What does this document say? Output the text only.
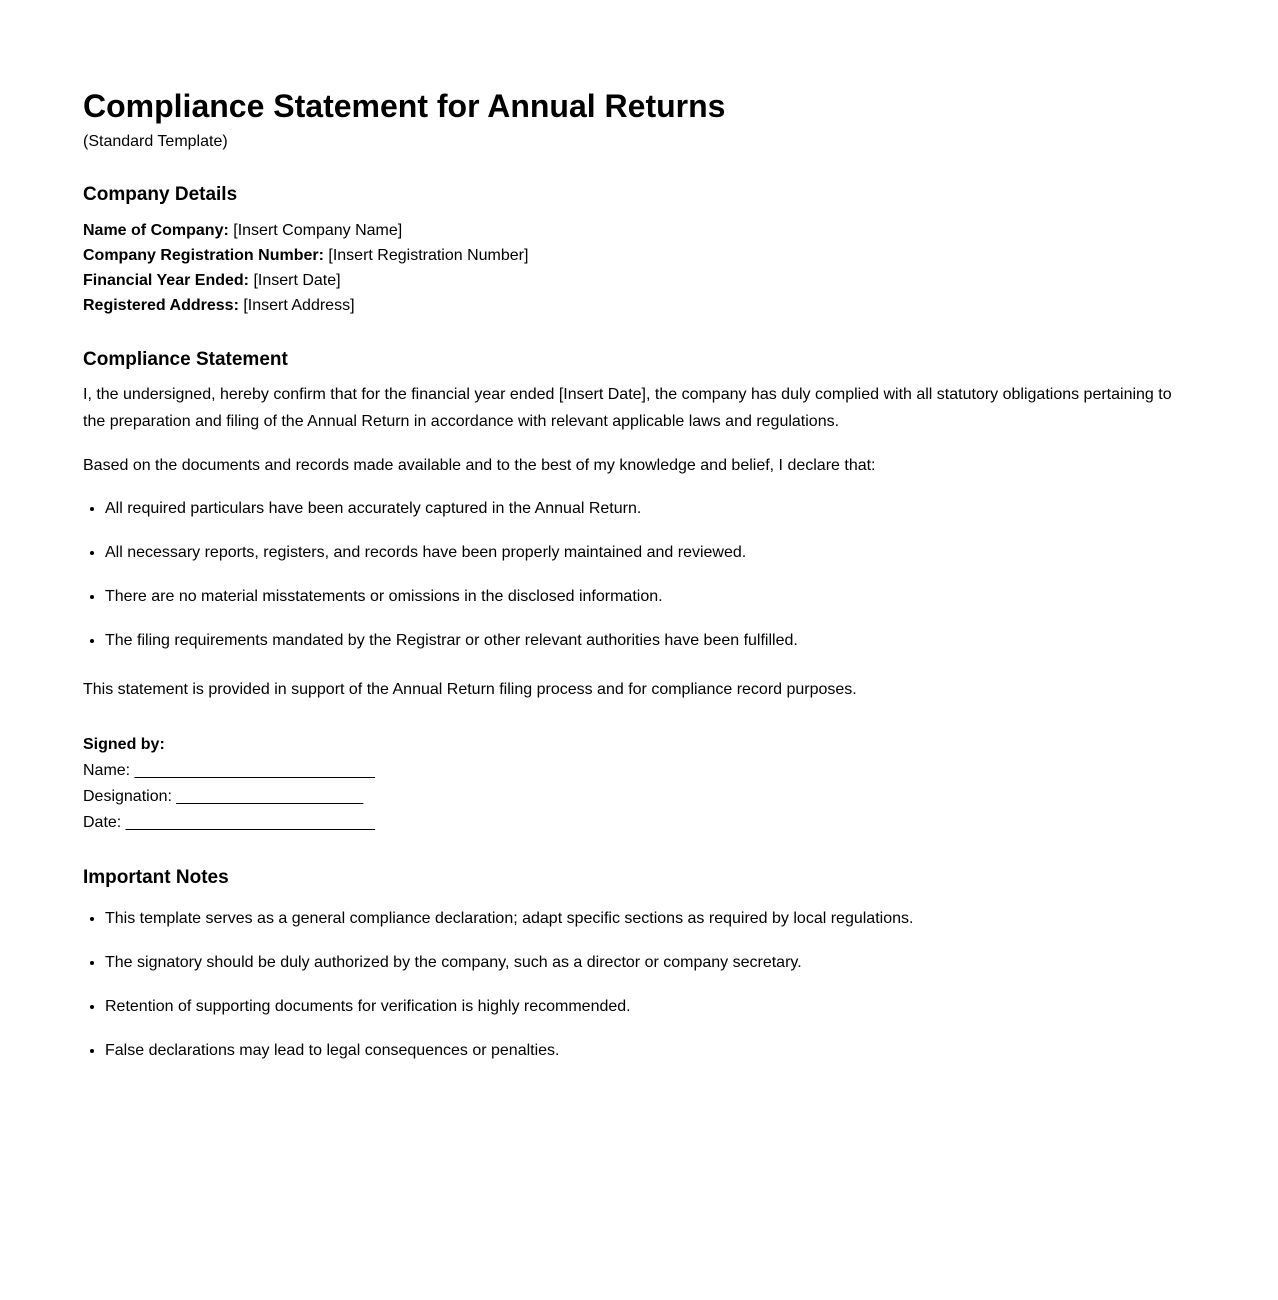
Compliance Statement for Annual Returns

(Standard Template)

Company Details

Name of Company: [Insert Company Name]
Company Registration Number: [Insert Registration Number]
Financial Year Ended: [Insert Date]
Registered Address: [Insert Address]

Compliance Statement

I, the undersigned, hereby confirm that for the financial year ended [Insert Date], the company has duly complied with all statutory obligations pertaining to the preparation and filing of the Annual Return in accordance with relevant applicable laws and regulations.

Based on the documents and records made available and to the best of my knowledge and belief, I declare that:

• All required particulars have been accurately captured in the Annual Return.
• All necessary reports, registers, and records have been properly maintained and reviewed.
• There are no material misstatements or omissions in the disclosed information.
• The filing requirements mandated by the Registrar or other relevant authorities have been fulfilled.

This statement is provided in support of the Annual Return filing process and for compliance record purposes.

Signed by:
Name: ___________________________
Designation: _____________________
Date: ____________________________
Important Notes
• This template serves as a general compliance declaration; adapt specific sections as required by local regulations.
• The signatory should be duly authorized by the company, such as a director or company secretary.
• Retention of supporting documents for verification is highly recommended.
• False declarations may lead to legal consequences or penalties.
